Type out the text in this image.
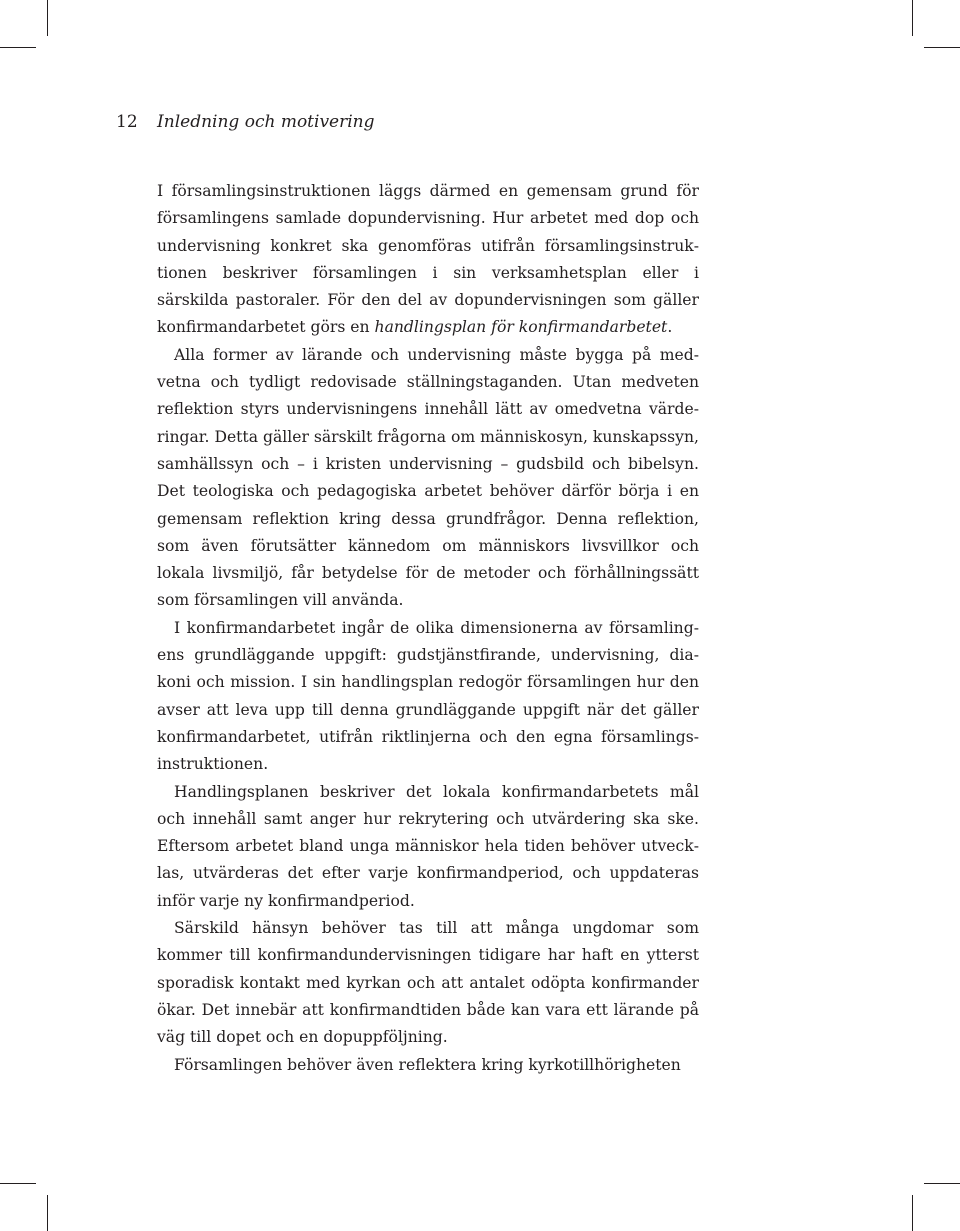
12 Inledning och motivering

I församlingsinstruktionen läggs därmed en gemensam grund för församlingens samlade dopundervisning. Hur arbetet med dop och undervisning konkret ska genomföras utifrån församlingsinstruktionen beskriver församlingen i sin verksamhetsplan eller i särskilda pastoraler. För den del av dopundervisningen som gäller konfirmandarbetet görs en handlingsplan för konfirmandarbetet.

Alla former av lärande och undervisning måste bygga på medvetna och tydligt redovisade ställningstaganden. Utan medveten reflektion styrs undervisningens innehåll lätt av omedvetna värderingar. Detta gäller särskilt frågorna om människosyn, kunskapssyn, samhällssyn och – i kristen undervisning – gudsbild och bibelsyn. Det teologiska och pedagogiska arbetet behöver därför börja i en gemensam reflektion kring dessa grundfrågor. Denna reflektion, som även förutsätter kännedom om människors livsvillkor och lokala livsmiljö, får betydelse för de metoder och förhållningssätt som församlingen vill använda.

I konfirmandarbetet ingår de olika dimensionerna av församlingens grundläggande uppgift: gudstjänstfirande, undervisning, diakoni och mission. I sin handlingsplan redogör församlingen hur den avser att leva upp till denna grundläggande uppgift när det gäller konfirmandarbetet, utifrån riktlinjerna och den egna församlingsinstruktionen.

Handlingsplanen beskriver det lokala konfirmandarbetets mål och innehåll samt anger hur rekrytering och utvärdering ska ske. Eftersom arbetet bland unga människor hela tiden behöver utvecklas, utvärderas det efter varje konfirmandperiod, och uppdateras inför varje ny konfirmandperiod.

Särskild hänsyn behöver tas till att många ungdomar som kommer till konfirmandundervisningen tidigare har haft en ytterst sporadisk kontakt med kyrkan och att antalet odöpta konfirmander ökar. Det innebär att konfirmandtiden både kan vara ett lärande på väg till dopet och en dopuppföljning.

Församlingen behöver även reflektera kring kyrkotillhörigheten
